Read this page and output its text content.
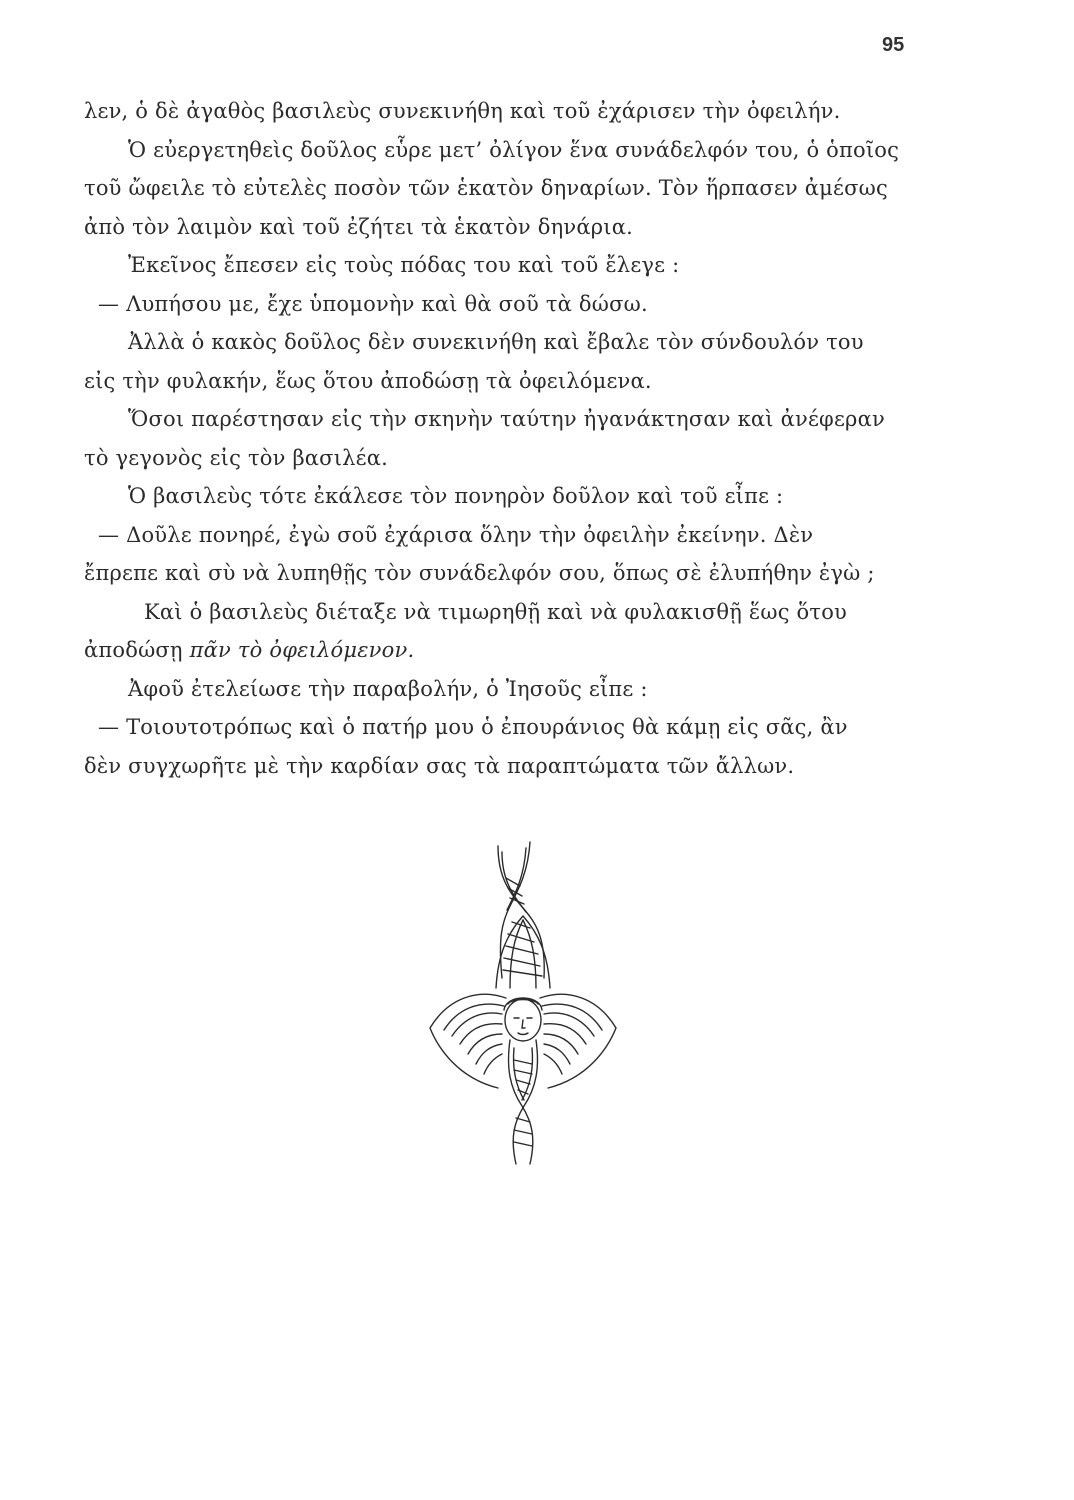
95
λεν, ὁ δὲ ἀγαθὸς βασιλεὺς συνεκινήθη καὶ τοῦ ἐχάρισεν τὴν ὀφειλήν.
Ὁ εὐεργετηθεὶς δοῦλος εὗρε μετ’ ὀλίγον ἕνα συνάδελφόν του, ὁ ὁποῖος
τοῦ ὤφειλε τὸ εὐτελὲς ποσὸν τῶν ἑκατὸν δηναρίων. Τὸν ἥρπασεν ἀμέσως
ἀπὸ τὸν λαιμὸν καὶ τοῦ ἐζήτει τὰ ἑκατὸν δηνάρια.
Ἐκεῖνος ἔπεσεν εἰς τοὺς πόδας του καὶ τοῦ ἔλεγε :
— Λυπήσου με, ἔχε ὑπομονὴν καὶ θὰ σοῦ τὰ δώσω.
Ἀλλὰ ὁ κακὸς δοῦλος δὲν συνεκινήθη καὶ ἔβαλε τὸν σύνδουλόν του
εἰς τὴν φυλακήν, ἕως ὅτου ἀποδώσῃ τὰ ὀφειλόμενα.
Ὅσοι παρέστησαν εἰς τὴν σκηνὴν ταύτην ἠγανάκτησαν καὶ ἀνέφεραν
τὸ γεγονὸς εἰς τὸν βασιλέα.
Ὁ βασιλεὺς τότε ἐκάλεσε τὸν πονηρὸν δοῦλον καὶ τοῦ εἶπε :
— Δοῦλε πονηρέ, ἐγὼ σοῦ ἐχάρισα ὅλην τὴν ὀφειλὴν ἐκείνην. Δὲν
ἔπρεπε καὶ σὺ νὰ λυπηθῇς τὸν συνάδελφόν σου, ὅπως σὲ ἐλυπήθην ἐγὼ ;
Καὶ ὁ βασιλεὺς διέταξε νὰ τιμωρηθῇ καὶ νὰ φυλακισθῇ ἕως ὅτου
ἀποδώσῃ πᾶν τὸ ὀφειλόμενον.
Ἀφοῦ ἐτελείωσε τὴν παραβολήν, ὁ Ἰησοῦς εἶπε :
— Τοιουτοτρόπως καὶ ὁ πατήρ μου ὁ ἐπουράνιος θὰ κάμῃ εἰς σᾶς, ἂν
δὲν συγχωρῆτε μὲ τὴν καρδίαν σας τὰ παραπτώματα τῶν ἄλλων.
